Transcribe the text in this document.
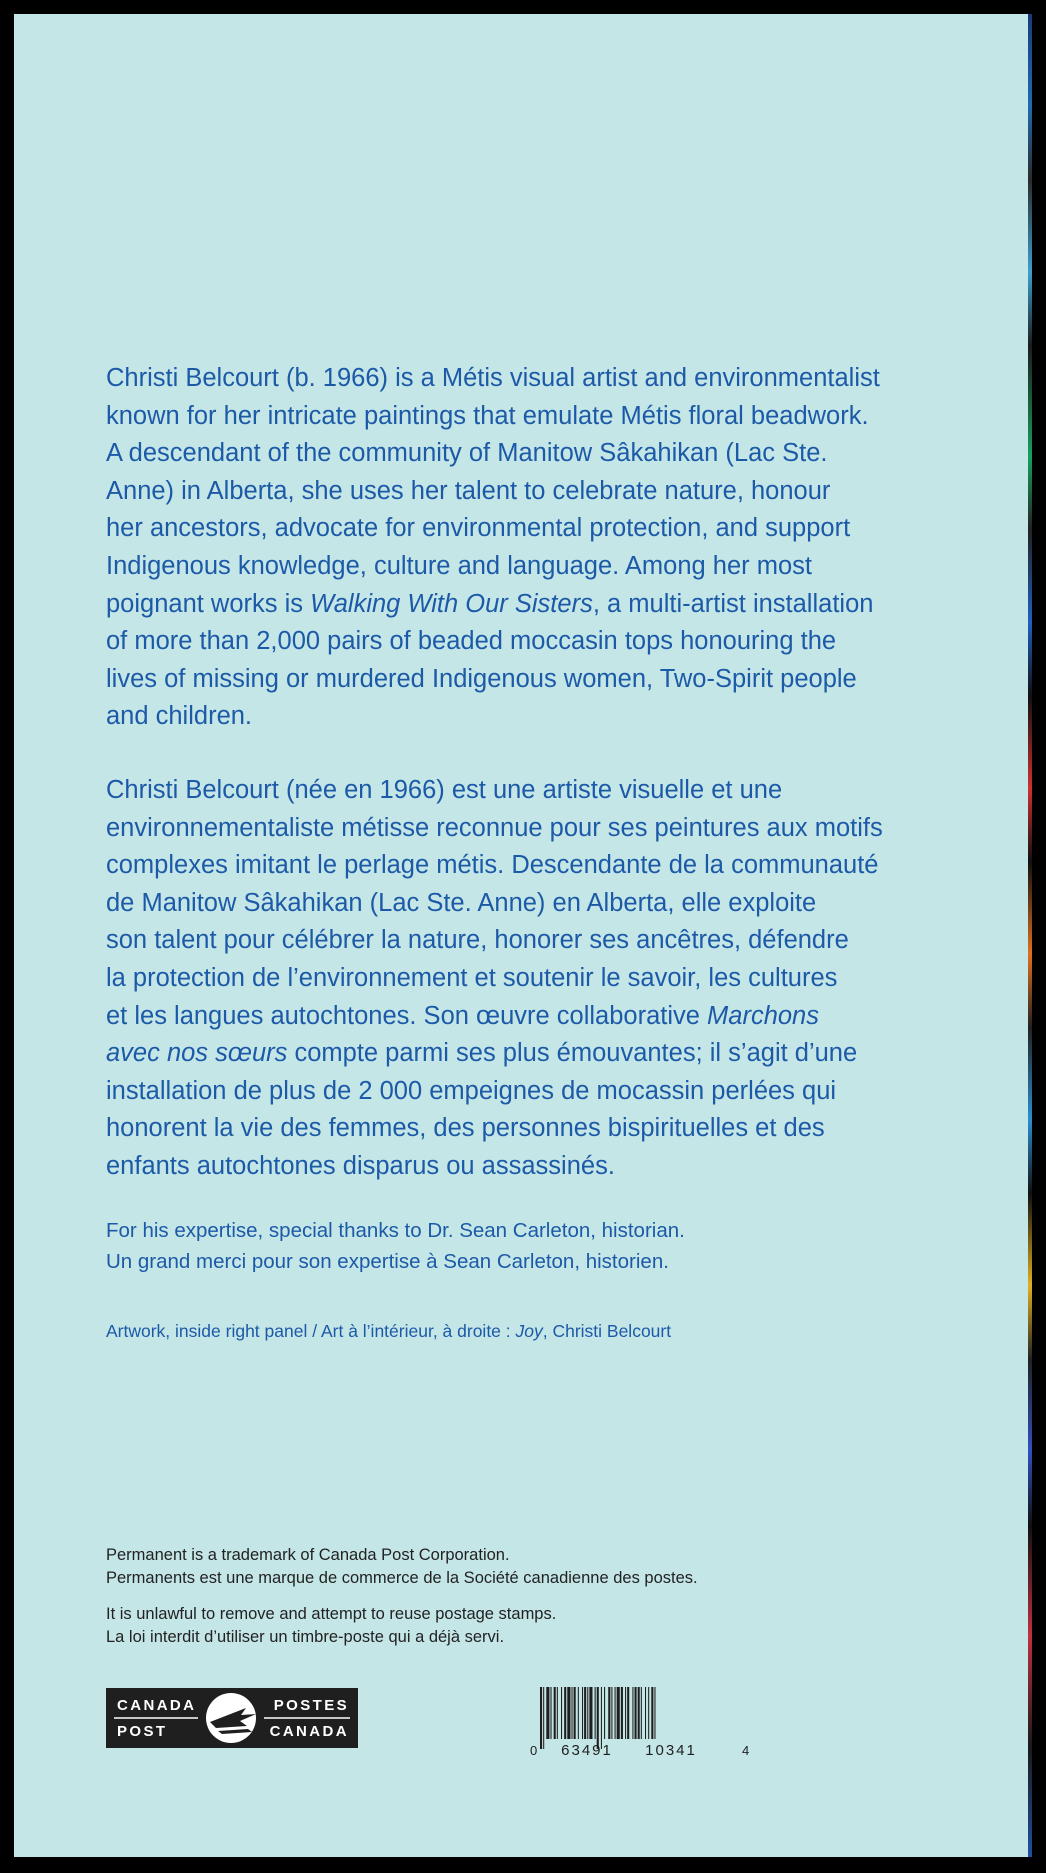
Christi Belcourt (b. 1966) is a Métis visual artist and environmentalist
known for her intricate paintings that emulate Métis floral beadwork.
A descendant of the community of Manitow Sâkahikan (Lac Ste.
Anne) in Alberta, she uses her talent to celebrate nature, honour
her ancestors, advocate for environmental protection, and support
Indigenous knowledge, culture and language. Among her most
poignant works is Walking With Our Sisters, a multi-artist installation
of more than 2,000 pairs of beaded moccasin tops honouring the
lives of missing or murdered Indigenous women, Two-Spirit people
and children.

Christi Belcourt (née en 1966) est une artiste visuelle et une
environnementaliste métisse reconnue pour ses peintures aux motifs
complexes imitant le perlage métis. Descendante de la communauté
de Manitow Sâkahikan (Lac Ste. Anne) en Alberta, elle exploite
son talent pour célébrer la nature, honorer ses ancêtres, défendre
la protection de l’environnement et soutenir le savoir, les cultures
et les langues autochtones. Son œuvre collaborative Marchons
avec nos sœurs compte parmi ses plus émouvantes; il s’agit d’une
installation de plus de 2 000 empeignes de mocassin perlées qui
honorent la vie des femmes, des personnes bispirituelles et des
enfants autochtones disparus ou assassinés.

For his expertise, special thanks to Dr. Sean Carleton, historian.
Un grand merci pour son expertise à Sean Carleton, historien.

Artwork, inside right panel / Art à l’intérieur, à droite : Joy, Christi Belcourt

Permanent is a trademark of Canada Post Corporation.
Permanents est une marque de commerce de la Société canadienne des postes.

It is unlawful to remove and attempt to reuse postage stamps.
La loi interdit d’utiliser un timbre-poste qui a déjà servi.

CANADA
POST
POSTES
CANADA
0 63491 10341	4
